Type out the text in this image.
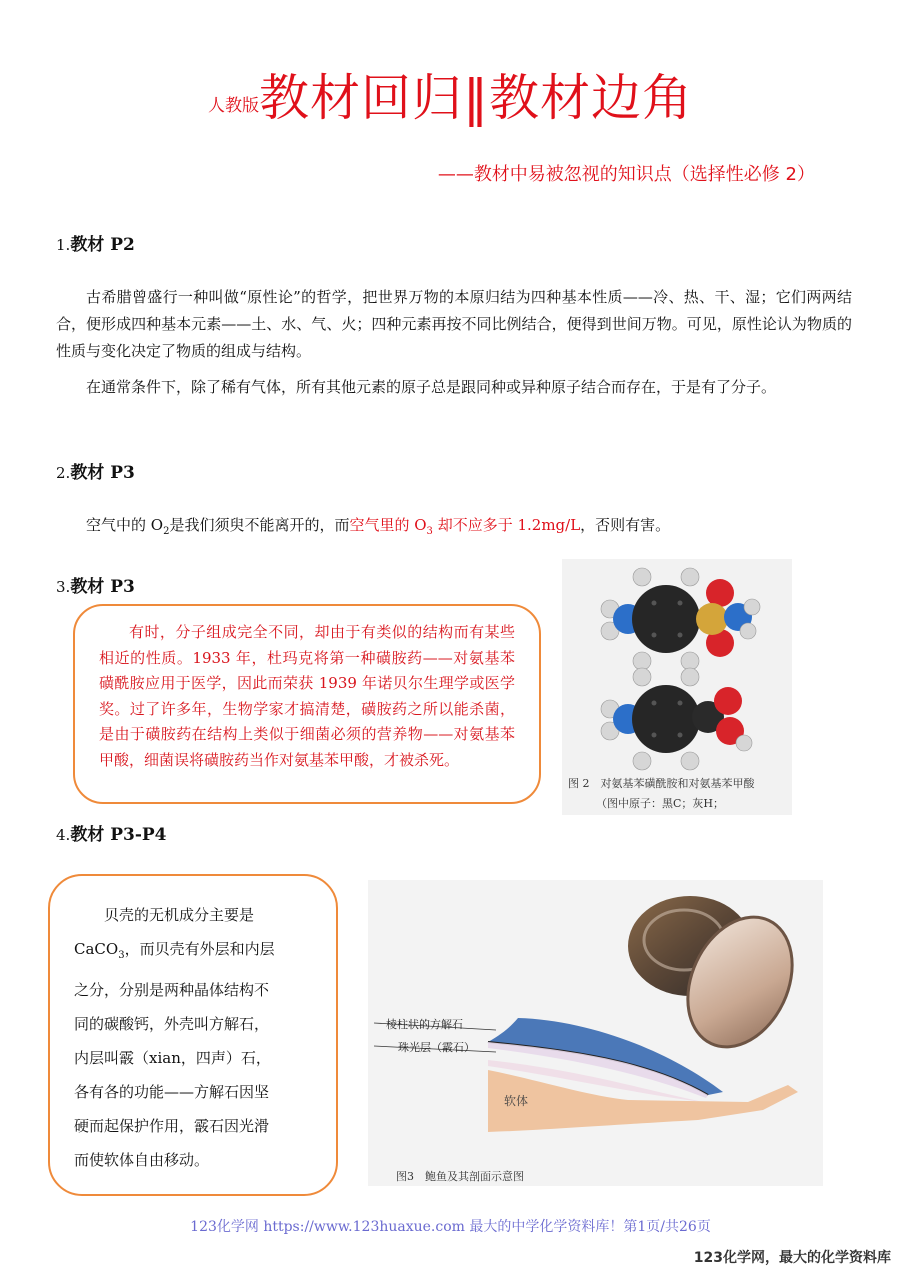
人教版教材回归‖教材边角
——教材中易被忽视的知识点（选择性必修 2）
1.教材 P2
古希腊曾盛行一种叫做“原性论”的哲学，把世界万物的本原归结为四种基本性质——冷、热、干、湿；它们两两结合，便形成四种基本元素——土、水、气、火；四种元素再按不同比例结合，便得到世间万物。可见，原性论认为物质的性质与变化决定了物质的组成与结构。
在通常条件下，除了稀有气体，所有其他元素的原子总是跟同种或异种原子结合而存在，于是有了分子。
2.教材 P3
空气中的 $O_2$是我们须臾不能离开的，而空气里的 $O_3$ 却不应多于 1.2mg/L，否则有害。
3.教材 P3
有时，分子组成完全不同，却由于有类似的结构而有某些相近的性质。1933 年，杜玛克将第一种磺胺药——对氨基苯磺酰胺应用于医学，因此而荣获 1939 年诺贝尔生理学或医学奖。过了许多年，生物学家才搞清楚，磺胺药之所以能杀菌，是由于磺胺药在结构上类似于细菌必须的营养物——对氨基苯甲酸，细菌误将磺胺药当作对氨基苯甲酸，才被杀死。
图 2　对氨基苯磺酰胺和对氨基苯甲酸
（图中原子：黑C；灰H；
4.教材 P3-P4
贝壳的无机成分主要是
CaCO$_3$，而贝壳有外层和内层
之分，分别是两种晶体结构不
同的碳酸钙，外壳叫方解石，
内层叫霰（xian，四声）石，
各有各的功能——方解石因坚
硬而起保护作用，霰石因光滑
而使软体自由移动。
棱柱状的方解石
珠光层（霰石）
软体
图3　鲍鱼及其剖面示意图
123化学网 https://www.123huaxue.com 最大的中学化学资料库！第1页/共26页
123化学网，最大的化学资料库
